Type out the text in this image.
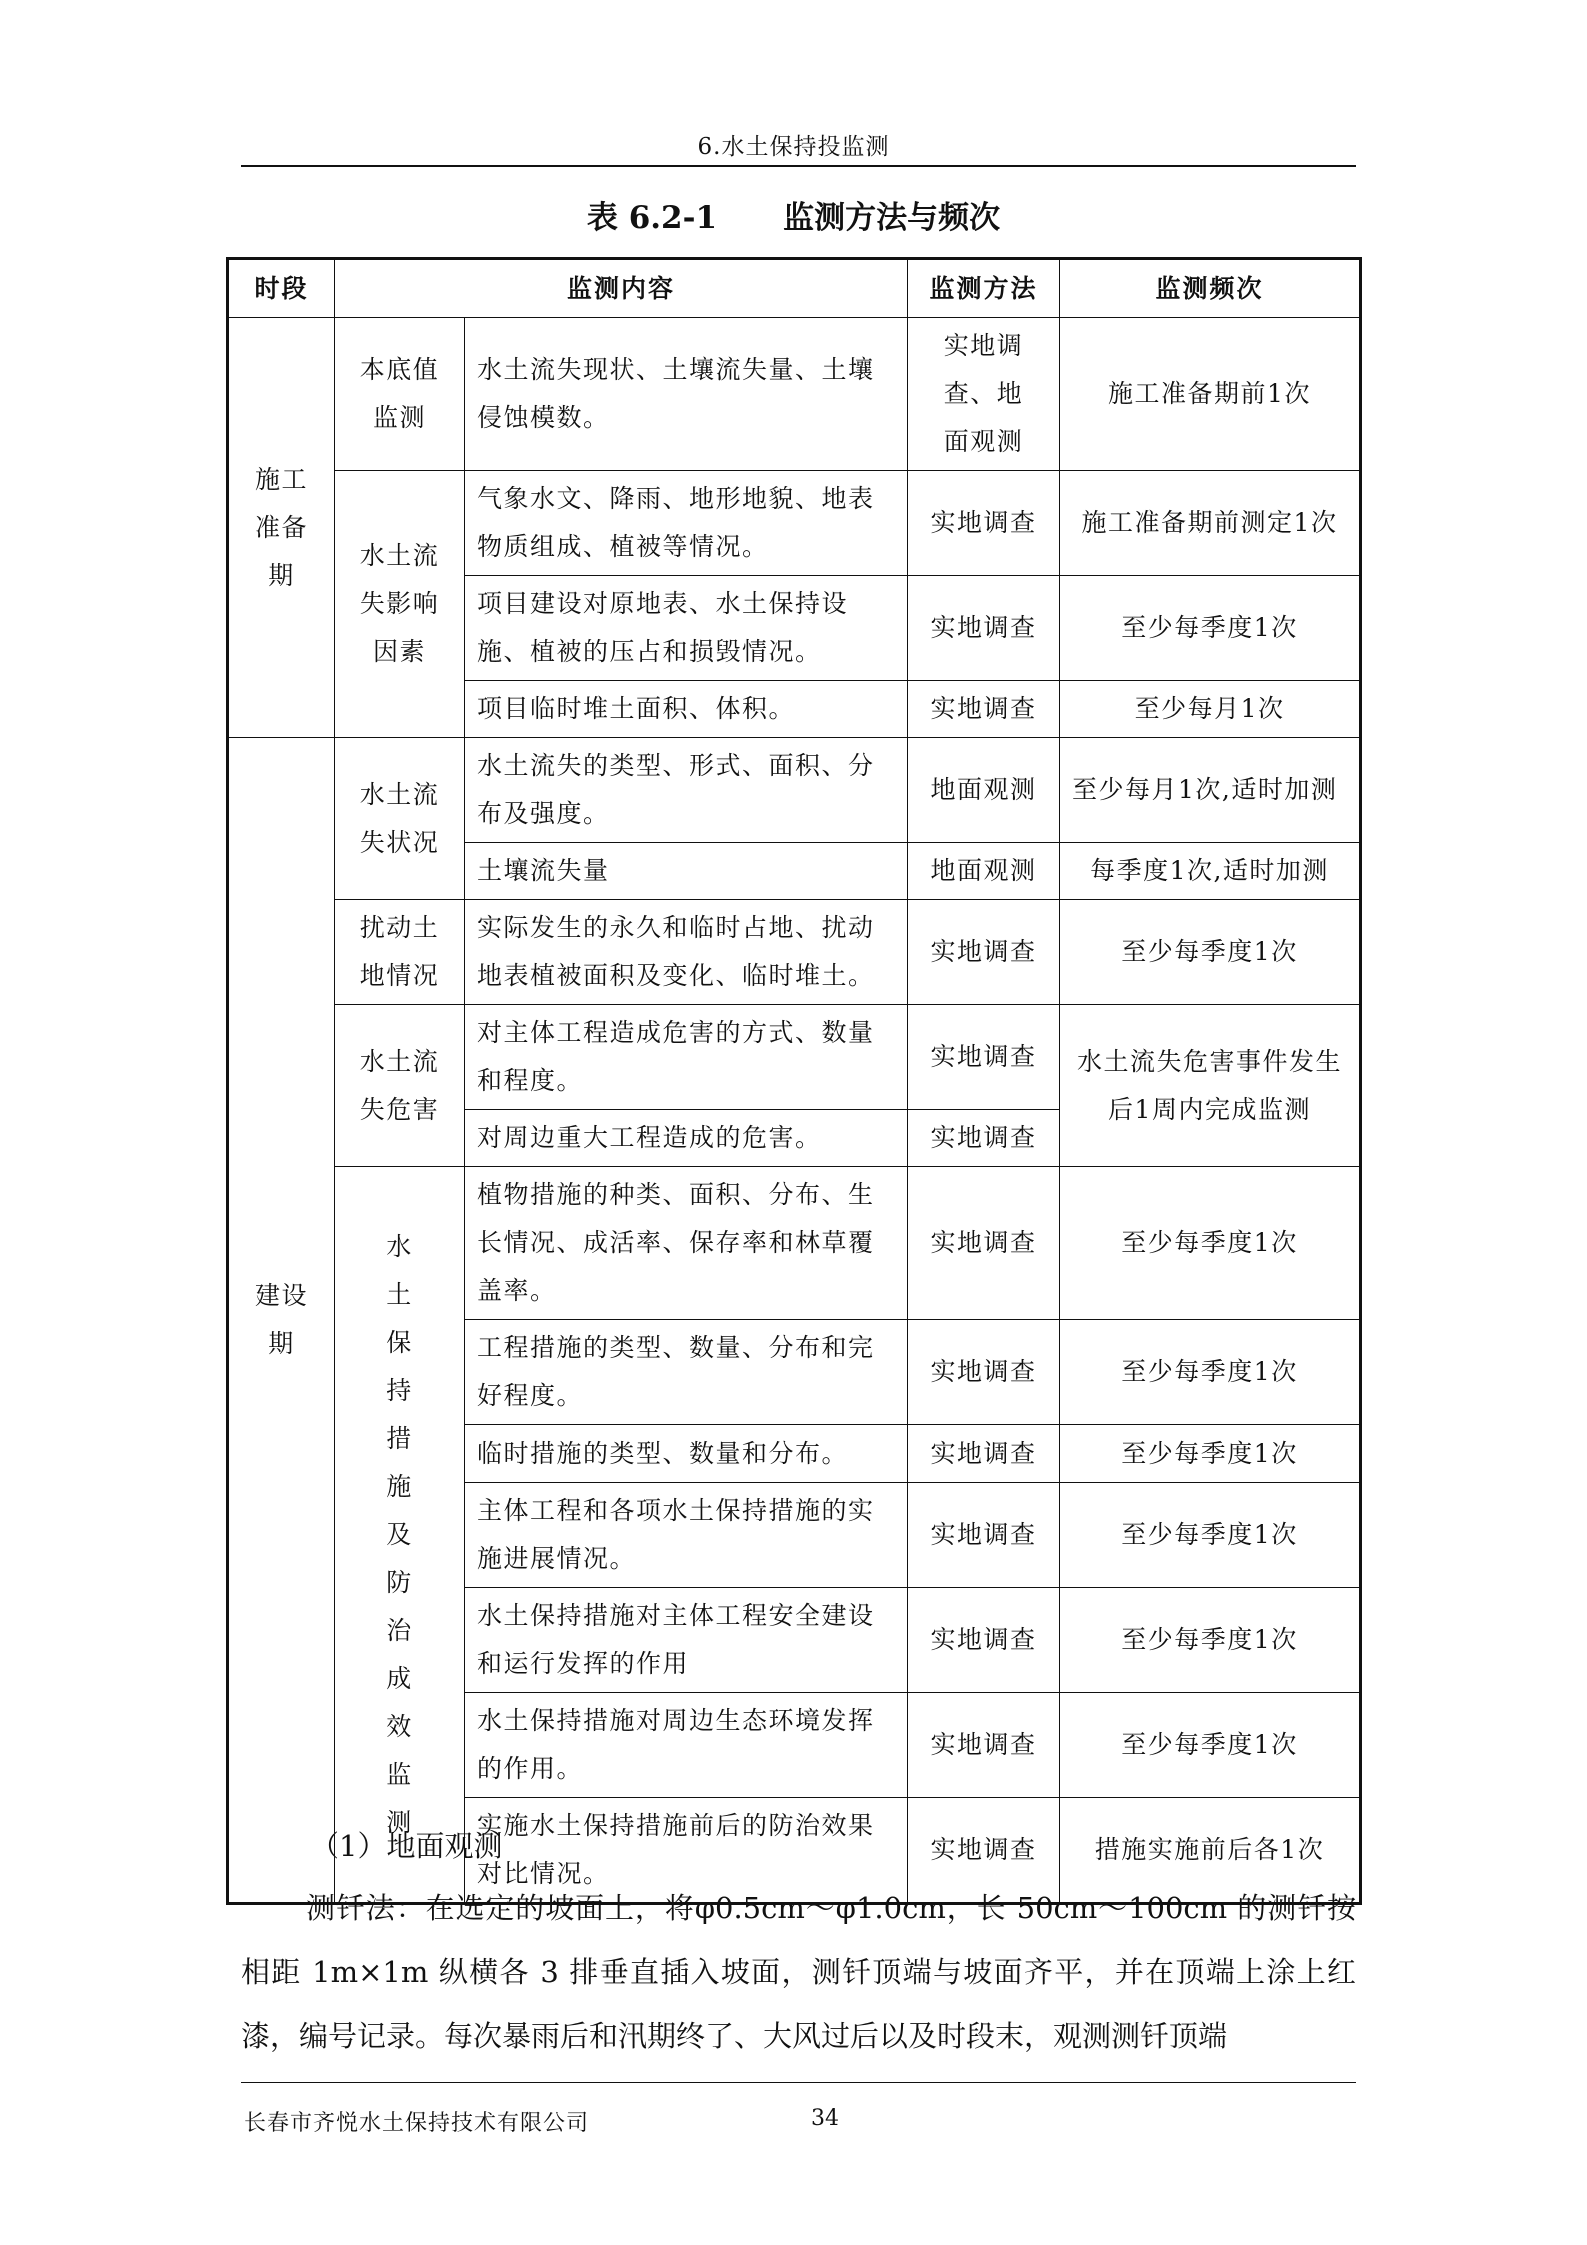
6.水土保持投监测
表 6.2-1 监测方法与频次
时段	监测内容		监测方法	监测频次

施工准备期	本底值监测	水土流失现状、土壤流失量、土壤侵蚀模数。	实地调查、地面观测	施工准备期前1次

	水土流失影响因素	气象水文、降雨、地形地貌、地表物质组成、植被等情况。	实地调查	施工准备期前测定1次
		项目建设对原地表、水土保持设施、植被的压占和损毁情况。	实地调查	至少每季度1次
		项目临时堆土面积、体积。	实地调查	至少每月1次

建设期	水土流失状况	水土流失的类型、形式、面积、分布及强度。	地面观测	至少每月1次,适时加测
		土壤流失量	地面观测	每季度1次,适时加测

	扰动土地情况	实际发生的永久和临时占地、扰动地表植被面积及变化、临时堆土。	实地调查	至少每季度1次

	水土流失危害	对主体工程造成危害的方式、数量和程度。	实地调查	水土流失危害事件发生后1周内完成监测
		对周边重大工程造成的危害。	实地调查	

	水土保持措施及防治成效监测	植物措施的种类、面积、分布、生长情况、成活率、保存率和林草覆盖率。	实地调查	至少每季度1次
		工程措施的类型、数量、分布和完好程度。	实地调查	至少每季度1次
		临时措施的类型、数量和分布。	实地调查	至少每季度1次
		主体工程和各项水土保持措施的实施进展情况。	实地调查	至少每季度1次
		水土保持措施对主体工程安全建设和运行发挥的作用	实地调查	至少每季度1次
		水土保持措施对周边生态环境发挥的作用。	实地调查	至少每季度1次
		实施水土保持措施前后的防治效果对比情况。	实地调查	措施实施前后各1次
（1）地面观测
测钎法：在选定的坡面上，将φ0.5cm～φ1.0cm，长 50cm～100cm 的测钎按相距 1m×1m 纵横各 3 排垂直插入坡面，测钎顶端与坡面齐平，并在顶端上涂上红漆，编号记录。每次暴雨后和汛期终了、大风过后以及时段末，观测测钎顶端
长春市齐悦水土保持技术有限公司	34
